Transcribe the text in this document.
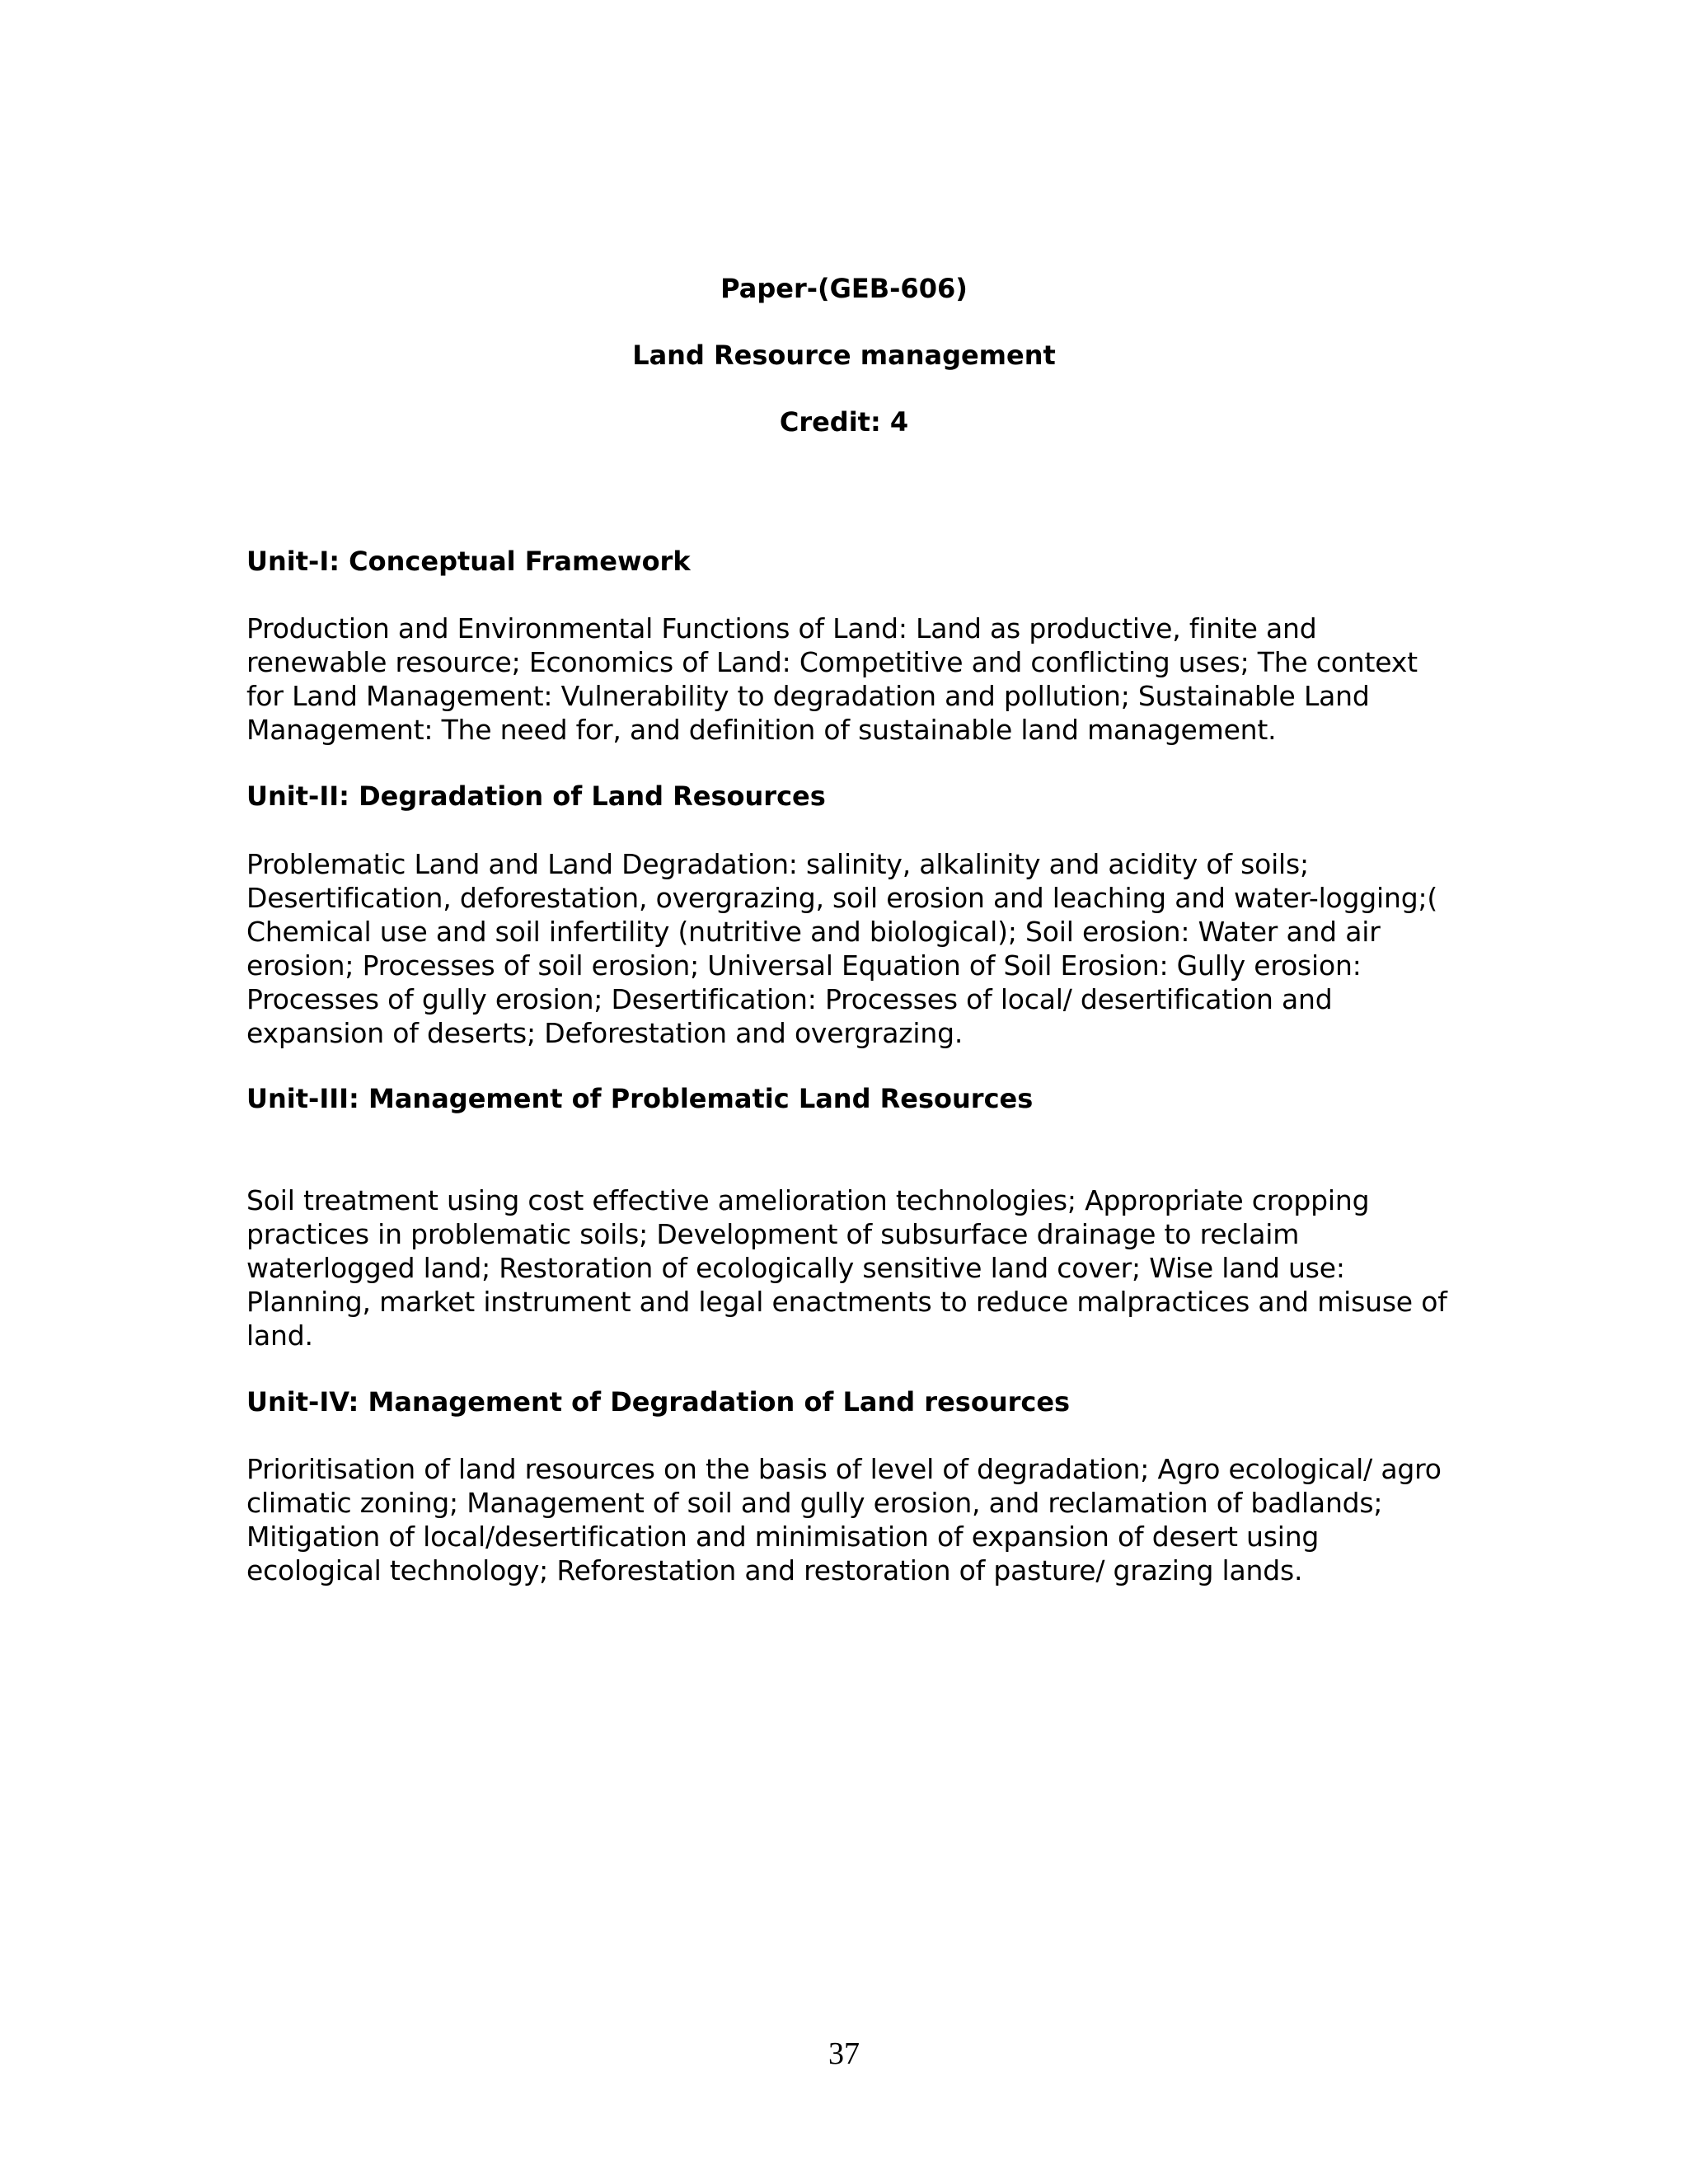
Paper-(GEB-606)
Land Resource management
Credit: 4
Unit-I: Conceptual Framework
Production and Environmental Functions of Land: Land as productive, finite and
renewable resource; Economics of Land: Competitive and conflicting uses; The context
for Land Management: Vulnerability to degradation and pollution; Sustainable Land
Management: The need for, and definition of sustainable land management.
Unit-II: Degradation of Land Resources
Problematic Land and Land Degradation: salinity, alkalinity and acidity of soils;
Desertification, deforestation, overgrazing, soil erosion and leaching and water-logging;(
Chemical use and soil infertility (nutritive and biological); Soil erosion: Water and air
erosion; Processes of soil erosion; Universal Equation of Soil Erosion: Gully erosion:
Processes of gully erosion; Desertification: Processes of local/ desertification and
expansion of deserts; Deforestation and overgrazing.
Unit-III: Management of Problematic Land Resources
Soil treatment using cost effective amelioration technologies; Appropriate cropping
practices in problematic soils; Development of subsurface drainage to reclaim
waterlogged land; Restoration of ecologically sensitive land cover; Wise land use:
Planning, market instrument and legal enactments to reduce malpractices and misuse of
land.
Unit-IV: Management of Degradation of Land resources
Prioritisation of land resources on the basis of level of degradation; Agro ecological/ agro
climatic zoning; Management of soil and gully erosion, and reclamation of badlands;
Mitigation of local/desertification and minimisation of expansion of desert using
ecological technology; Reforestation and restoration of pasture/ grazing lands.
37
